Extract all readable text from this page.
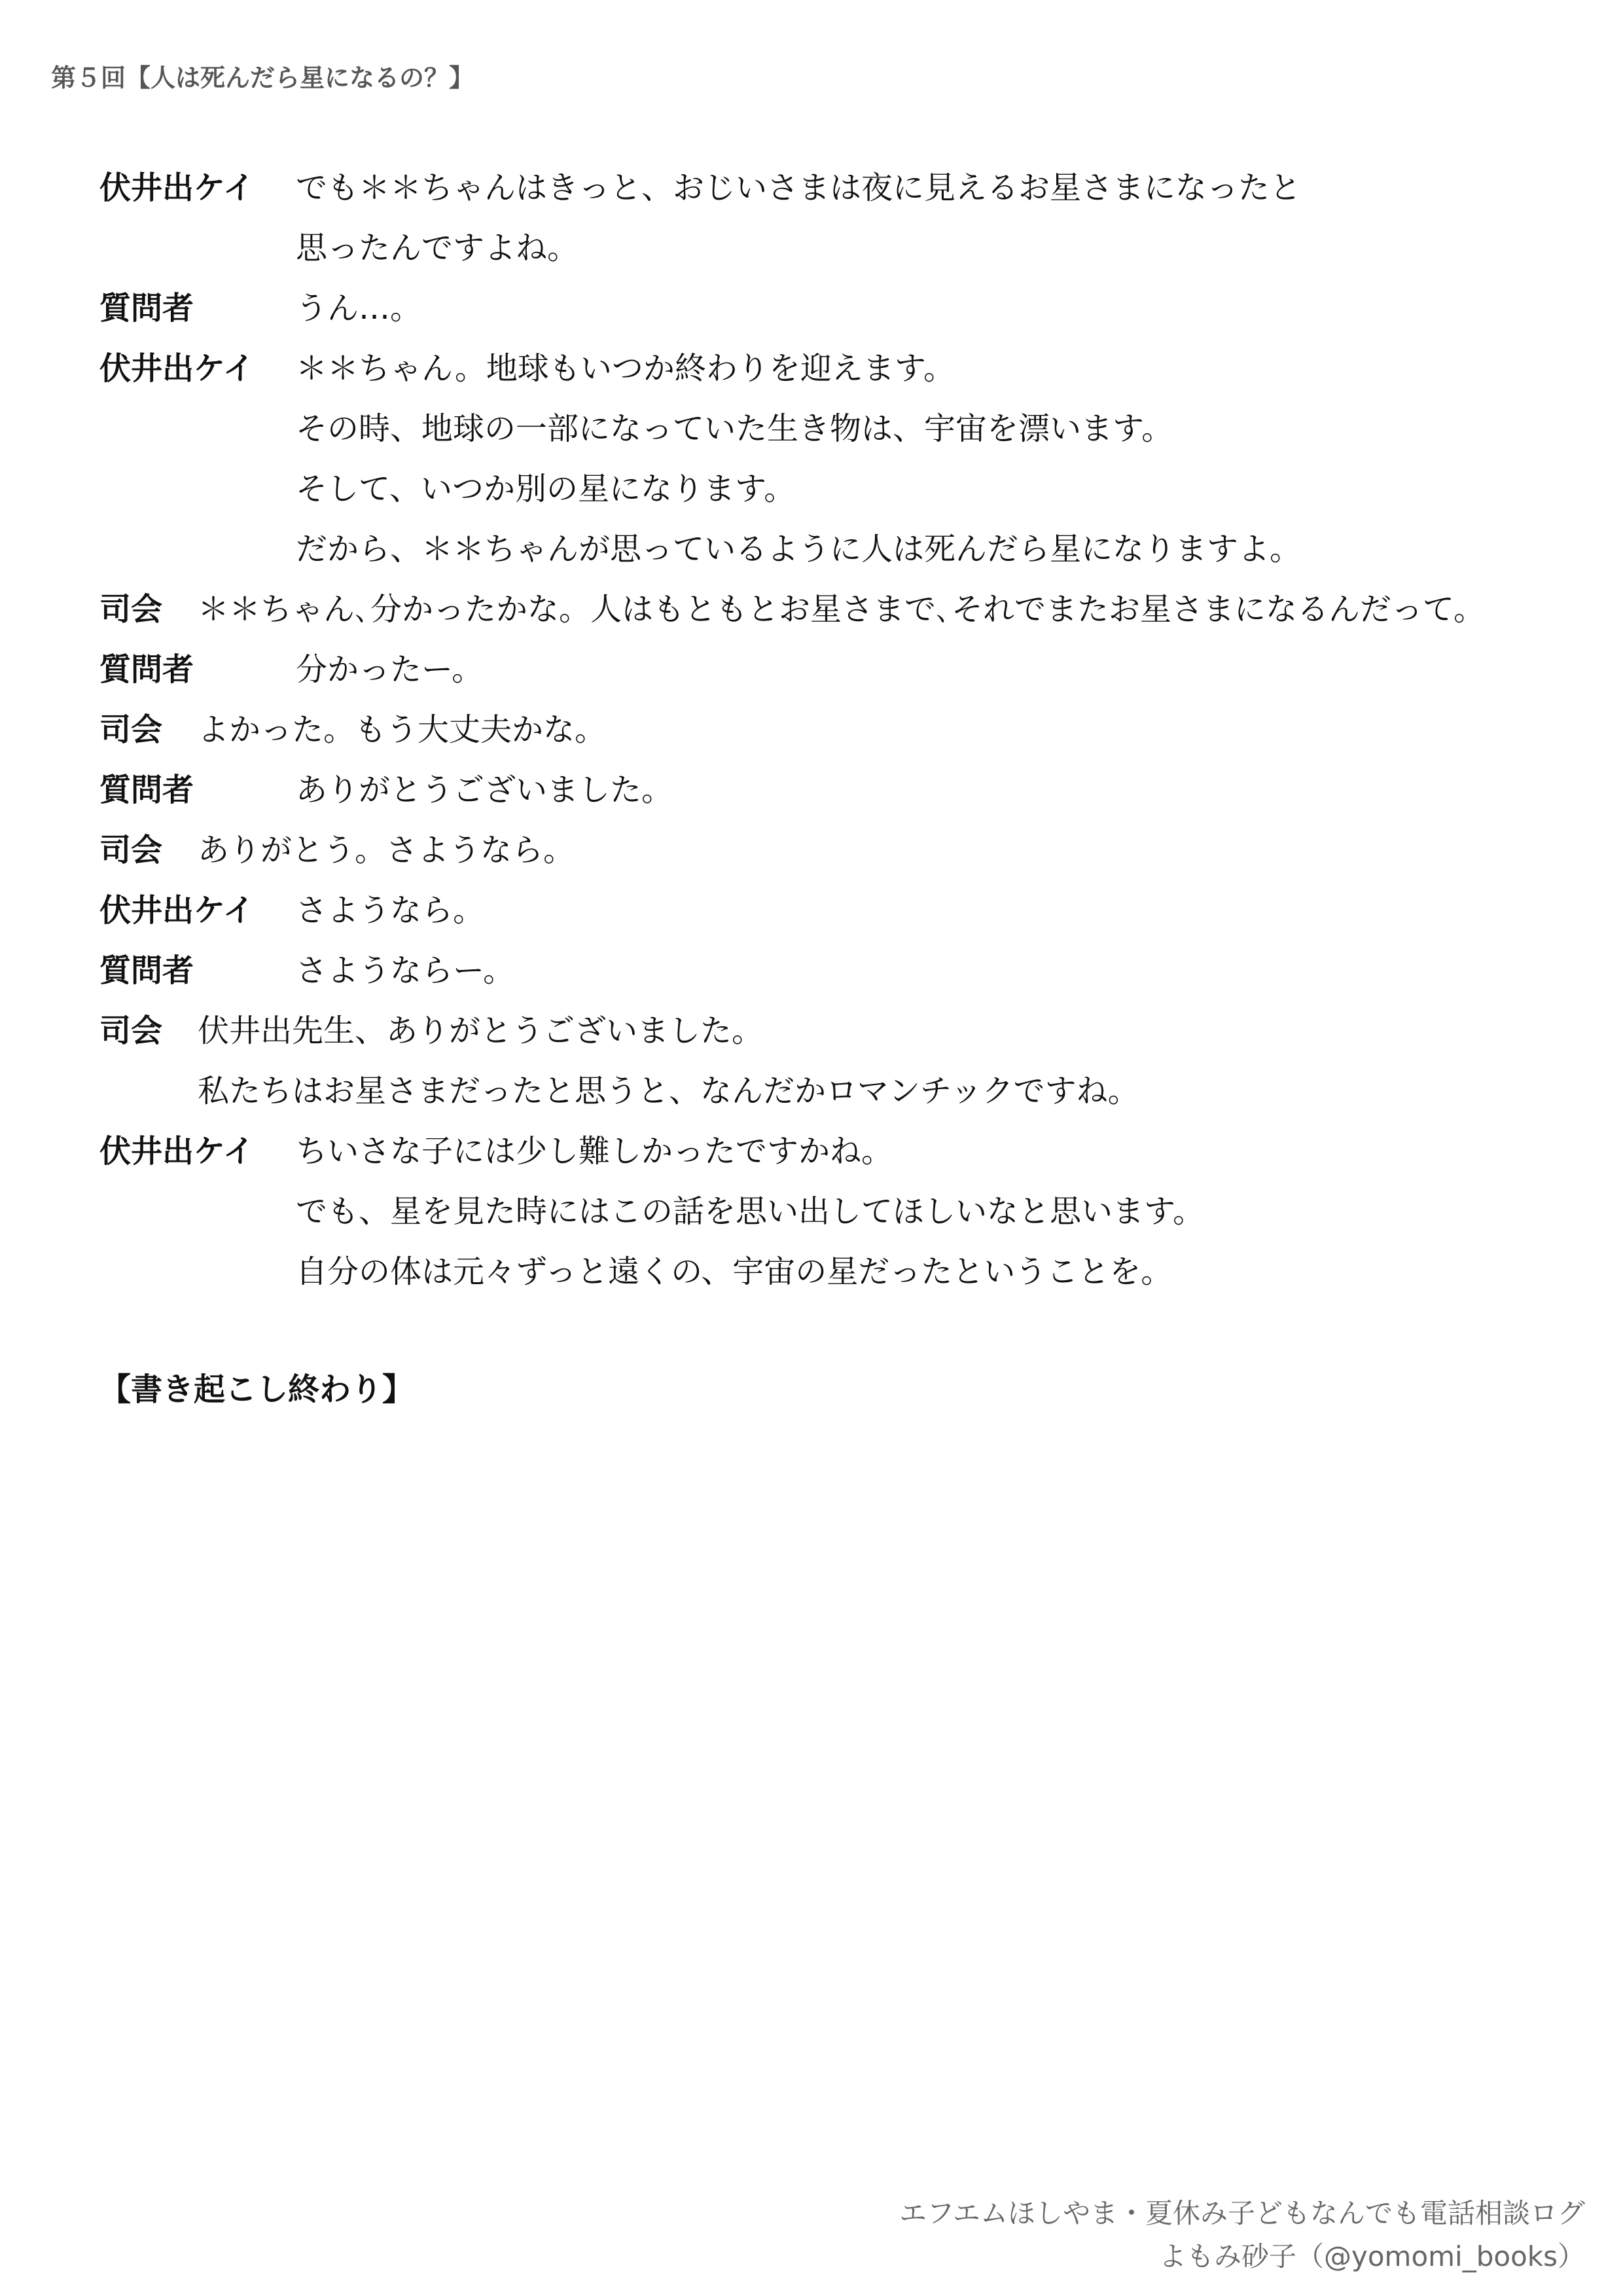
第５回【人は死んだら星になるの？】
伏井出ケイ でも＊＊ちゃんはきっと、おじいさまは夜に見えるお星さまになったと
思ったんですよね。
質問者	うん…。
伏井出ケイ ＊＊ちゃん。地球もいつか終わりを迎えます。
その時、地球の一部になっていた生き物は、宇宙を漂います。
そして、いつか別の星になります。
だから、＊＊ちゃんが思っているように人は死んだら星になりますよ。
司会 ＊＊ちゃん､分かったかな。人はもともとお星さまで､それでまたお星さまになるんだって。
質問者	分かったー。
司会 よかった。もう大丈夫かな。
質問者	ありがとうございました。
司会 ありがとう。さようなら。
伏井出ケイ さようなら。
質問者	さようならー。
司会 伏井出先生、ありがとうございました。
私たちはお星さまだったと思うと、なんだかロマンチックですね。
伏井出ケイ ちいさな子には少し難しかったですかね。
でも、星を見た時にはこの話を思い出してほしいなと思います。
自分の体は元々ずっと遠くの、宇宙の星だったということを。
【書き起こし終わり】
エフエムほしやま・夏休み子どもなんでも電話相談ログ
よもみ砂子（@yomomi_books）
